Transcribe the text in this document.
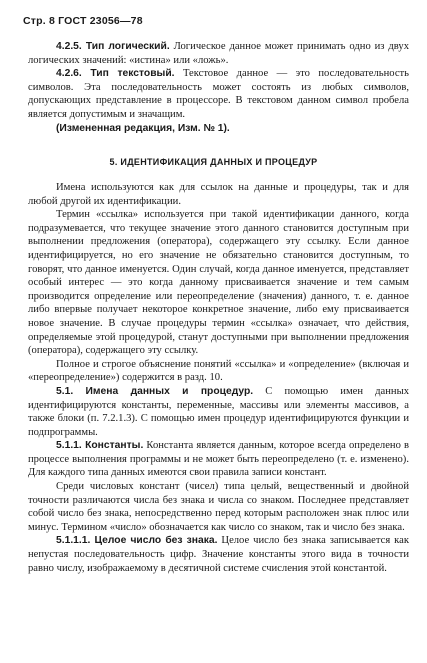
Стр. 8 ГОСТ 23056—78

4.2.5. Тип логический. Логическое данное может принимать одно из двух логических значений: «истина» или «ложь».

4.2.6. Тип текстовый. Текстовое данное — это последовательность символов. Эта последовательность может состоять из любых символов, допускающих представление в процессоре. В текстовом данном символ пробела является допустимым и значащим.

(Измененная редакция, Изм. № 1).

5. ИДЕНТИФИКАЦИЯ ДАННЫХ И ПРОЦЕДУР

Имена используются как для ссылок на данные и процедуры, так и для любой другой их идентификации.

Термин «ссылка» используется при такой идентификации данного, когда подразумевается, что текущее значение этого данного становится доступным при выполнении предложения (оператора), содержащего эту ссылку. Если данное идентифицируется, но его значение не обязательно становится доступным, то говорят, что данное именуется. Один случай, когда данное именуется, представляет особый интерес — это когда данному присваивается значение и тем самым производится определение или переопределение (значения) данного, т. е. данное либо впервые получает некоторое конкретное значение, либо ему присваивается новое значение. В случае процедуры термин «ссылка» означает, что действия, определяемые этой процедурой, станут доступными при выполнении предложения (оператора), содержащего эту ссылку.

Полное и строгое объяснение понятий «ссылка» и «определение» (включая и «переопределение») содержится в разд. 10.

5.1. Имена данных и процедур. С помощью имен данных идентифицируются константы, переменные, массивы или элементы массивов, а также блоки (п. 7.2.1.3). С помощью имен процедур идентифицируются функции и подпрограммы.

5.1.1. Константы. Константа является данным, которое всегда определено в процессе выполнения программы и не может быть переопределено (т. е. изменено). Для каждого типа данных имеются свои правила записи констант.

Среди числовых констант (чисел) типа целый, вещественный и двойной точности различаются числа без знака и числа со знаком. Последнее представляет собой число без знака, непосредственно перед которым расположен знак плюс или минус. Термином «число» обозначается как число со знаком, так и число без знака.

5.1.1.1. Целое число без знака. Целое число без знака записывается как непустая последовательность цифр. Значение константы этого вида в точности равно числу, изображаемому в десятичной системе счисления этой константой.
